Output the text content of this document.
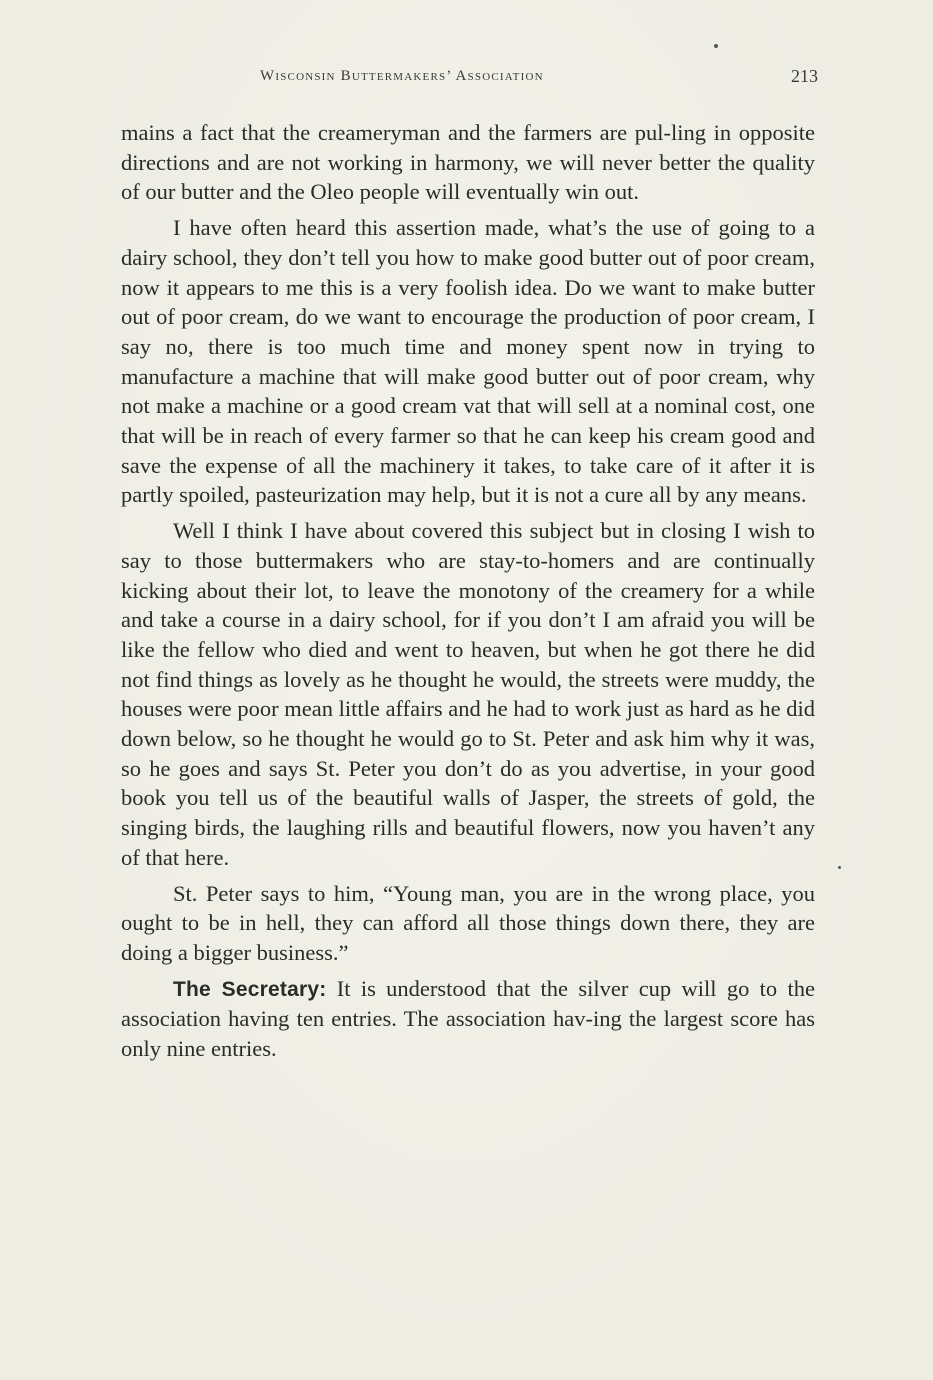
Wisconsin Buttermakers’ Association	213

mains a fact that the creameryman and the farmers are pul-ling in opposite directions and are not working in harmony, we will never better the quality of our butter and the Oleo people will eventually win out.

I have often heard this assertion made, what’s the use of going to a dairy school, they don’t tell you how to make good butter out of poor cream, now it appears to me this is a very foolish idea. Do we want to make butter out of poor cream, do we want to encourage the production of poor cream, I say no, there is too much time and money spent now in trying to manufacture a machine that will make good butter out of poor cream, why not make a machine or a good cream vat that will sell at a nominal cost, one that will be in reach of every farmer so that he can keep his cream good and save the expense of all the machinery it takes, to take care of it after it is partly spoiled, pasteurization may help, but it is not a cure all by any means.

Well I think I have about covered this subject but in closing I wish to say to those buttermakers who are stay-to-homers and are continually kicking about their lot, to leave the monotony of the creamery for a while and take a course in a dairy school, for if you don’t I am afraid you will be like the fellow who died and went to heaven, but when he got there he did not find things as lovely as he thought he would, the streets were muddy, the houses were poor mean little affairs and he had to work just as hard as he did down below, so he thought he would go to St. Peter and ask him why it was, so he goes and says St. Peter you don’t do as you advertise, in your good book you tell us of the beautiful walls of Jasper, the streets of gold, the singing birds, the laughing rills and beautiful flowers, now you haven’t any of that here.

St. Peter says to him, “Young man, you are in the wrong place, you ought to be in hell, they can afford all those things down there, they are doing a bigger business.”

The Secretary: It is understood that the silver cup will go to the association having ten entries. The association hav-ing the largest score has only nine entries.
